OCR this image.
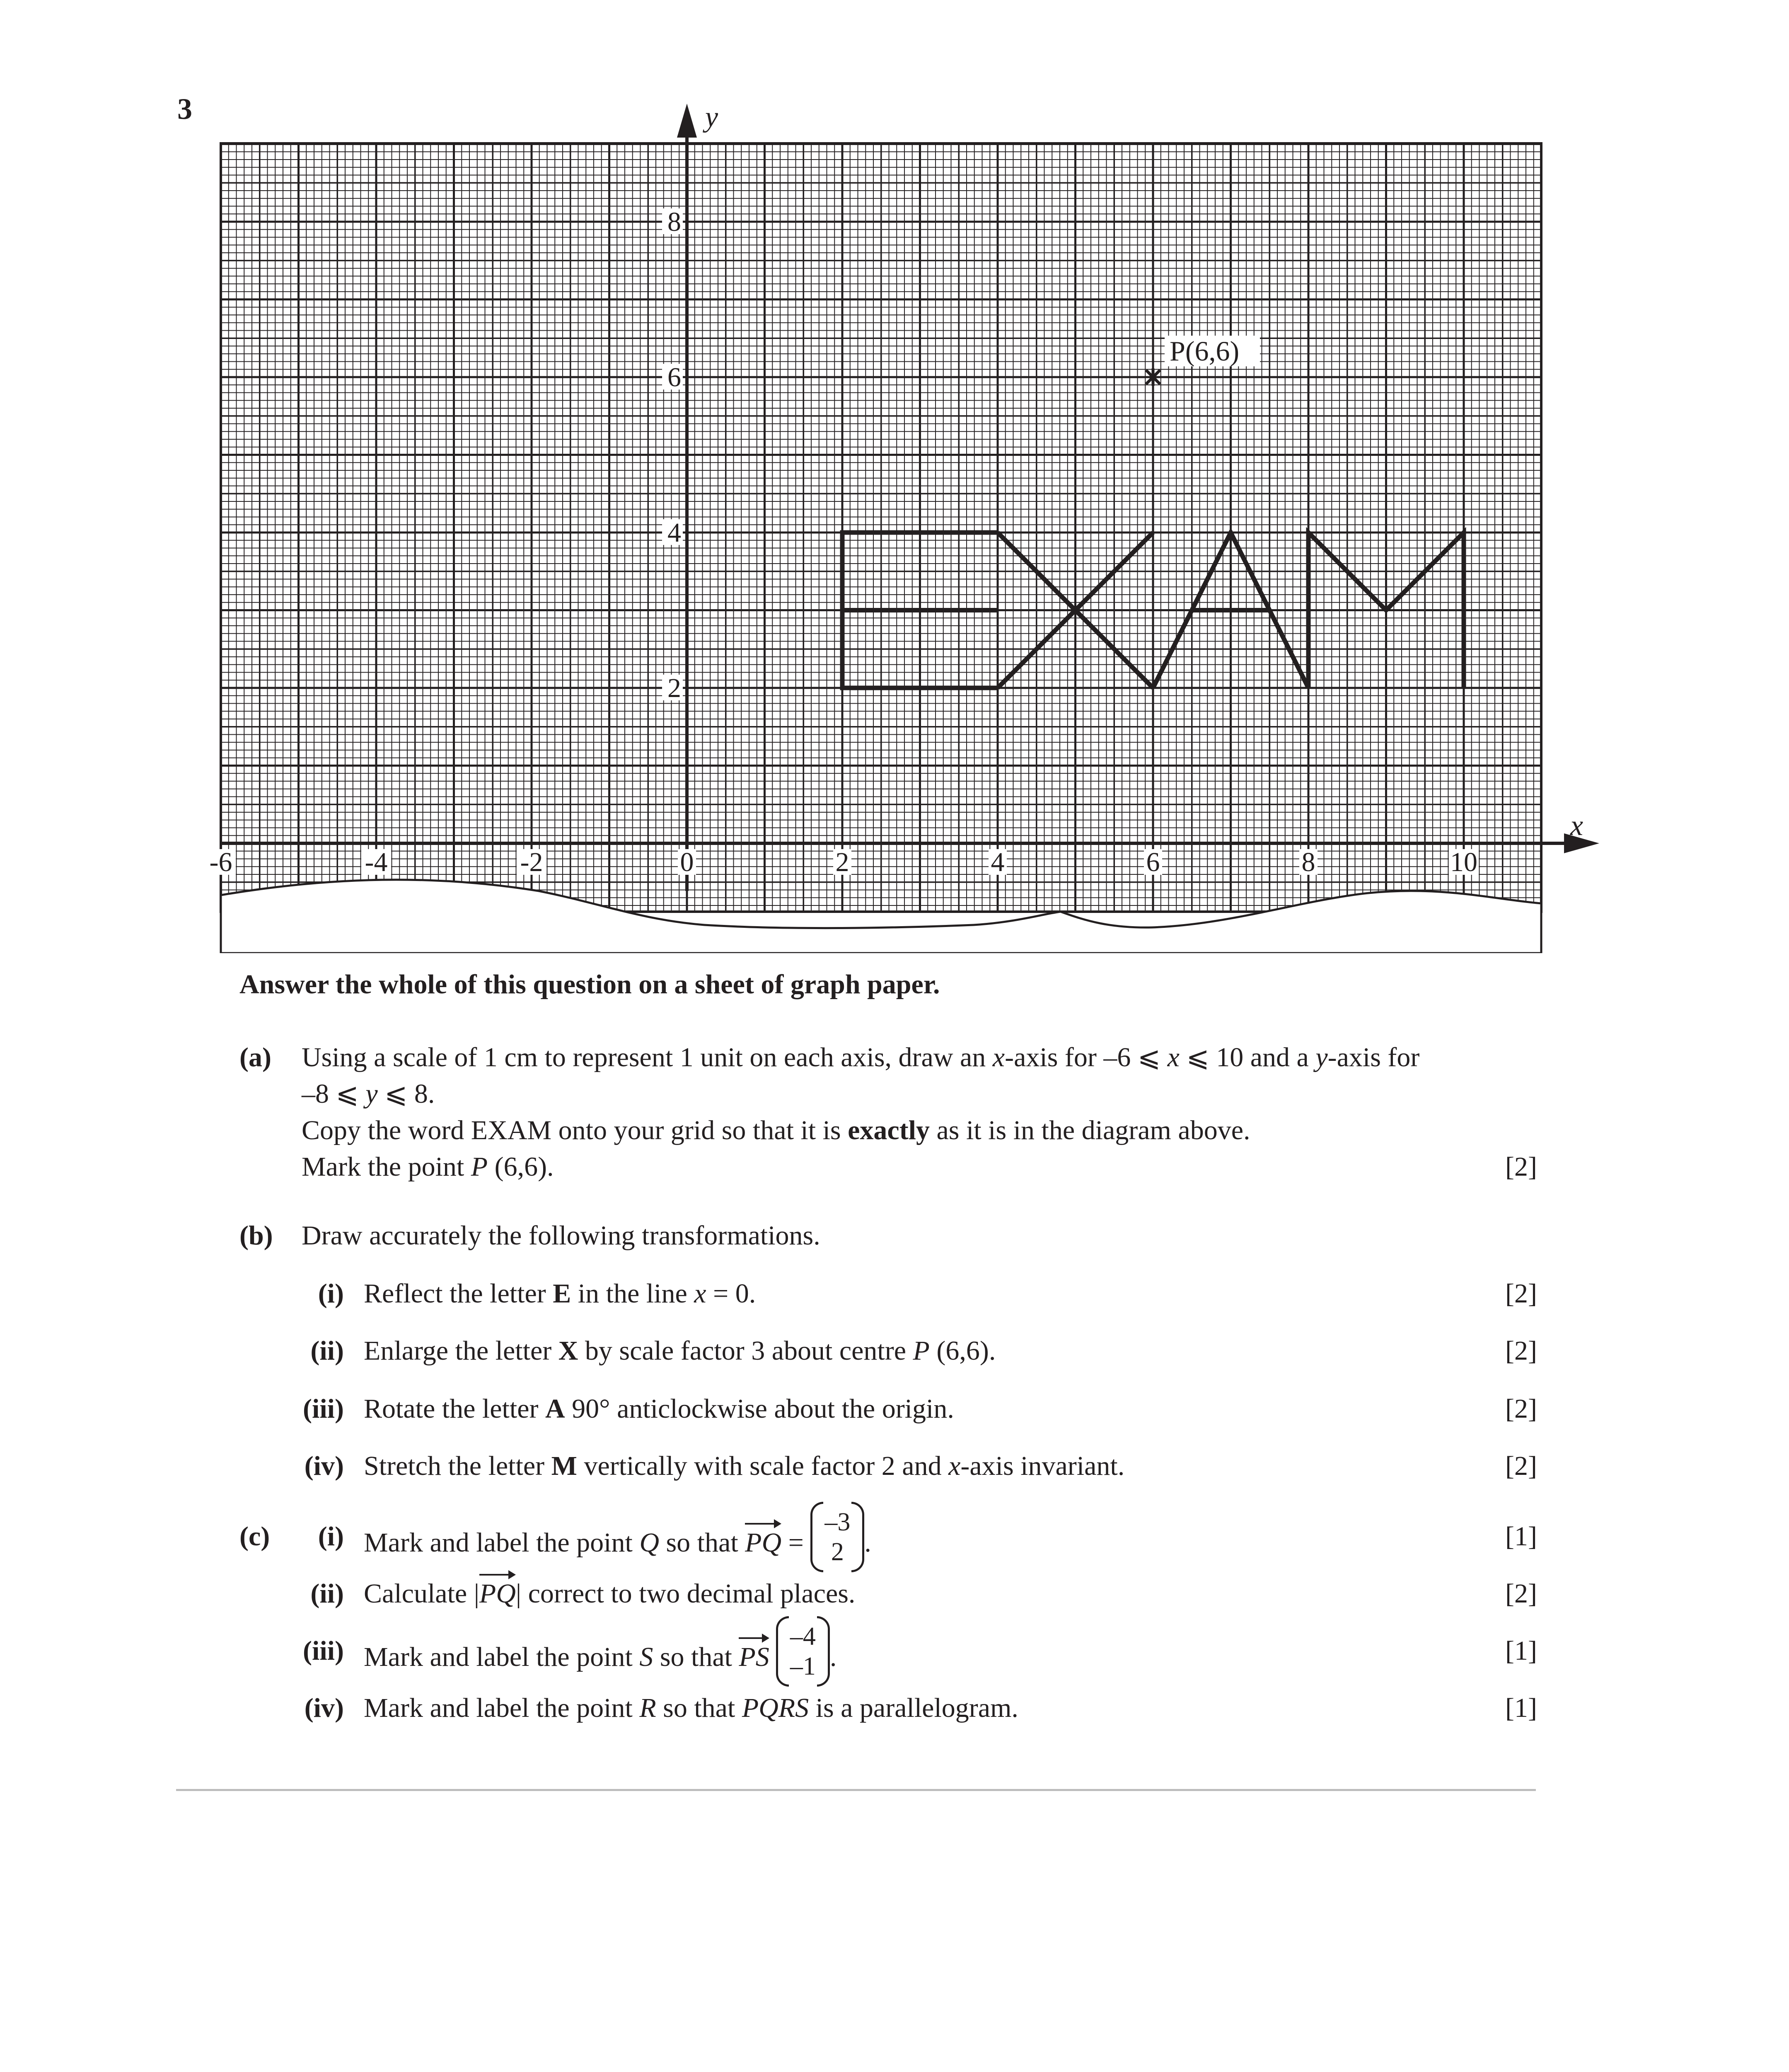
3
x
y
-6	-4	-2	0	2	4	6	8	10
2
4
6
8
P(6,6)
Answer the whole of this question on a sheet of graph paper.
(a) Using a scale of 1 cm to represent 1 unit on each axis, draw an x-axis for –6 ⩽ x ⩽ 10 and a y-axis for
–8 ⩽ y ⩽ 8.
Copy the word EXAM onto your grid so that it is exactly as it is in the diagram above.
Mark the point P (6,6).	[2]
(b) Draw accurately the following transformations.
(i) Reflect the letter E in the line x = 0.	[2]
(ii) Enlarge the letter X by scale factor 3 about centre P (6,6).	[2]
(iii) Rotate the letter A 90° anticlockwise about the origin.	[2]
(iv) Stretch the letter M vertically with scale factor 2 and x-axis invariant.	[2]
(c)	(i) Mark and label the point Q so that PQ =
–3
2 .	[1]
(ii) Calculate |PQ| correct to two decimal places.	[2]
(iii) Mark and label the point S so that PS
–4
–1 .	[1]
(iv) Mark and label the point R so that PQRS is a parallelogram.	[1]
